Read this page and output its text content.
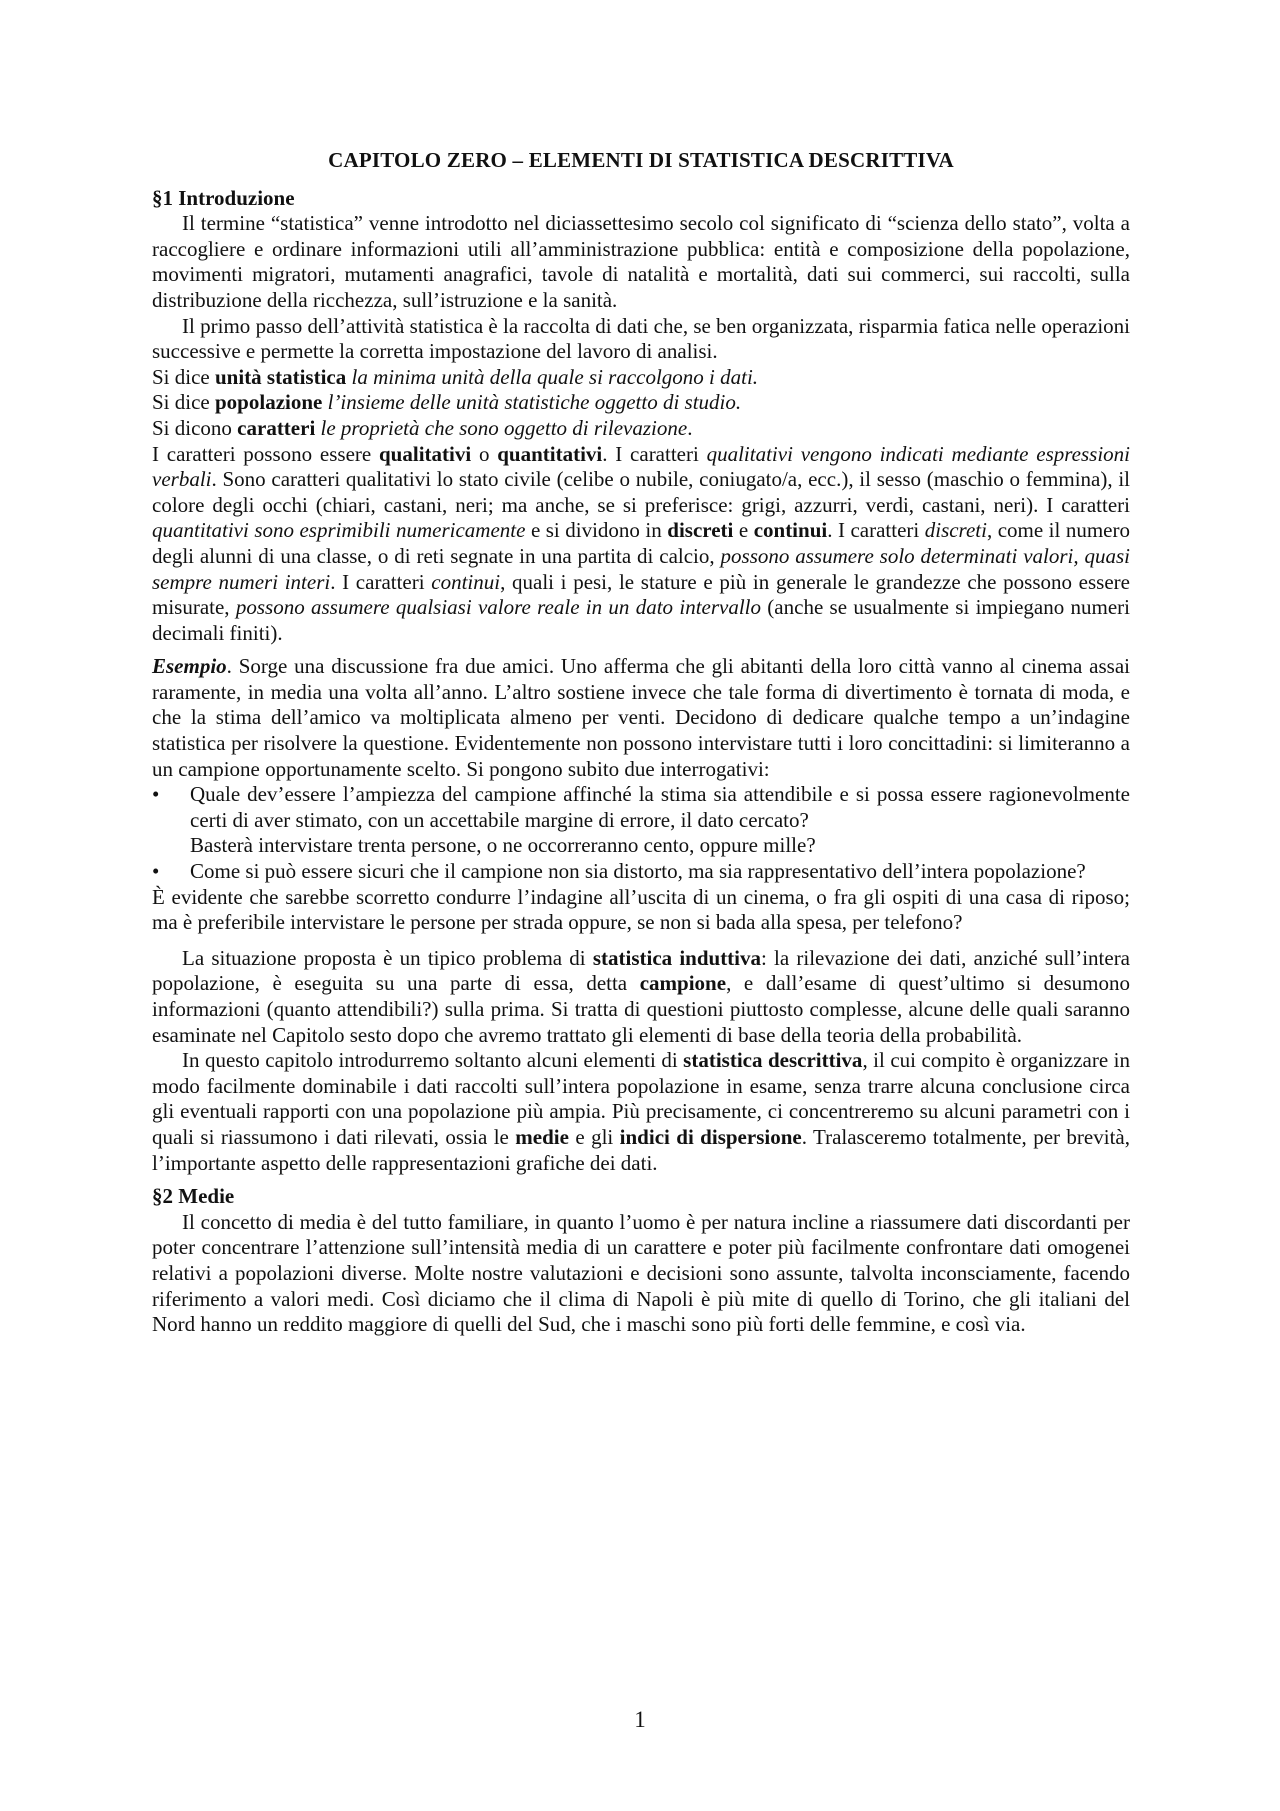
CAPITOLO ZERO – ELEMENTI DI STATISTICA DESCRITTIVA
§1 Introduzione

Il termine “statistica” venne introdotto nel diciassettesimo secolo col significato di “scienza dello stato”, volta a raccogliere e ordinare informazioni utili all’amministrazione pubblica: entità e composizione della popolazione, movimenti migratori, mutamenti anagrafici, tavole di natalità e mortalità, dati sui commerci, sui raccolti, sulla distribuzione della ricchezza, sull’istruzione e la sanità.

Il primo passo dell’attività statistica è la raccolta di dati che, se ben organizzata, risparmia fatica nelle operazioni successive e permette la corretta impostazione del lavoro di analisi.

Si dice unità statistica la minima unità della quale si raccolgono i dati.

Si dice popolazione l’insieme delle unità statistiche oggetto di studio.

Si dicono caratteri le proprietà che sono oggetto di rilevazione.

I caratteri possono essere qualitativi o quantitativi. I caratteri qualitativi vengono indicati mediante espressioni verbali. Sono caratteri qualitativi lo stato civile (celibe o nubile, coniugato/a, ecc.), il sesso (maschio o femmina), il colore degli occhi (chiari, castani, neri; ma anche, se si preferisce: grigi, azzurri, verdi, castani, neri). I caratteri quantitativi sono esprimibili numericamente e si dividono in discreti e continui. I caratteri discreti, come il numero degli alunni di una classe, o di reti segnate in una partita di calcio, possono assumere solo determinati valori, quasi sempre numeri interi. I caratteri continui, quali i pesi, le stature e più in generale le grandezze che possono essere misurate, possono assumere qualsiasi valore reale in un dato intervallo (anche se usualmente si impiegano numeri decimali finiti).

Esempio. Sorge una discussione fra due amici. Uno afferma che gli abitanti della loro città vanno al cinema assai raramente, in media una volta all’anno. L’altro sostiene invece che tale forma di divertimento è tornata di moda, e che la stima dell’amico va moltiplicata almeno per venti. Decidono di dedicare qualche tempo a un’indagine statistica per risolvere la questione. Evidentemente non possono intervistare tutti i loro concittadini: si limiteranno a un campione opportunamente scelto. Si pongono subito due interrogativi:

• Quale dev’essere l’ampiezza del campione affinché la stima sia attendibile e si possa essere ragionevolmente certi di aver stimato, con un accettabile margine di errore, il dato cercato?
Basterà intervistare trenta persone, o ne occorreranno cento, oppure mille?
• Come si può essere sicuri che il campione non sia distorto, ma sia rappresentativo dell’intera popolazione?

È evidente che sarebbe scorretto condurre l’indagine all’uscita di un cinema, o fra gli ospiti di una casa di riposo; ma è preferibile intervistare le persone per strada oppure, se non si bada alla spesa, per telefono?

La situazione proposta è un tipico problema di statistica induttiva: la rilevazione dei dati, anziché sull’intera popolazione, è eseguita su una parte di essa, detta campione, e dall’esame di quest’ultimo si desumono informazioni (quanto attendibili?) sulla prima. Si tratta di questioni piuttosto complesse, alcune delle quali saranno esaminate nel Capitolo sesto dopo che avremo trattato gli elementi di base della teoria della probabilità.

In questo capitolo introdurremo soltanto alcuni elementi di statistica descrittiva, il cui compito è organizzare in modo facilmente dominabile i dati raccolti sull’intera popolazione in esame, senza trarre alcuna conclusione circa gli eventuali rapporti con una popolazione più ampia. Più precisamente, ci concentreremo su alcuni parametri con i quali si riassumono i dati rilevati, ossia le medie e gli indici di dispersione. Tralasceremo totalmente, per brevità, l’importante aspetto delle rappresentazioni grafiche dei dati.

§2 Medie

Il concetto di media è del tutto familiare, in quanto l’uomo è per natura incline a riassumere dati discordanti per poter concentrare l’attenzione sull’intensità media di un carattere e poter più facilmente confrontare dati omogenei relativi a popolazioni diverse. Molte nostre valutazioni e decisioni sono assunte, talvolta inconsciamente, facendo riferimento a valori medi. Così diciamo che il clima di Napoli è più mite di quello di Torino, che gli italiani del Nord hanno un reddito maggiore di quelli del Sud, che i maschi sono più forti delle femmine, e così via.

1
